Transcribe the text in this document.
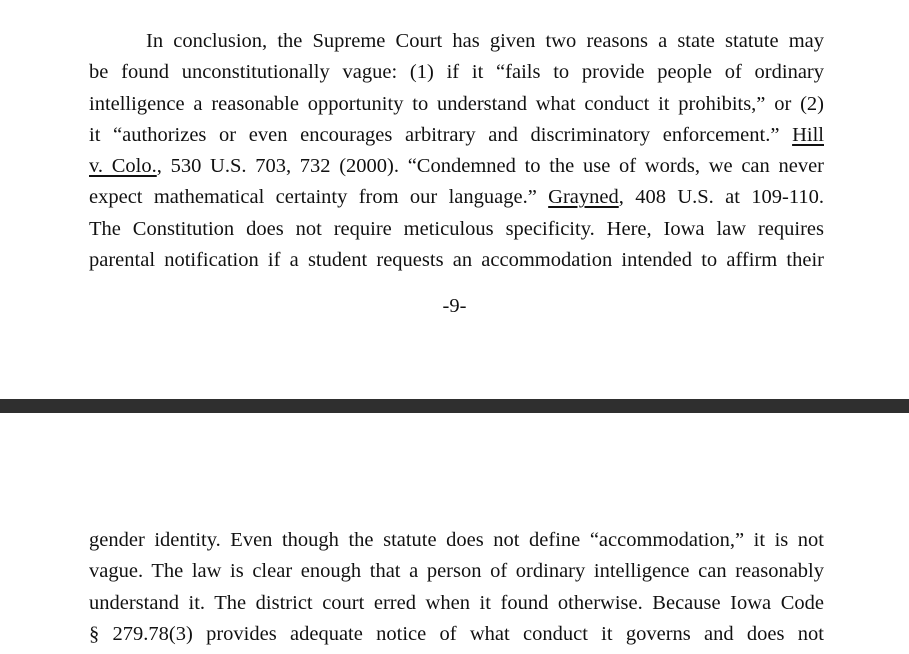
In conclusion, the Supreme Court has given two reasons a state statute may
be found unconstitutionally vague: (1) if it “fails to provide people of ordinary
intelligence a reasonable opportunity to understand what conduct it prohibits,” or (2)
it “authorizes or even encourages arbitrary and discriminatory enforcement.” Hill
v. Colo., 530 U.S. 703, 732 (2000). “Condemned to the use of words, we can never
expect mathematical certainty from our language.” Grayned, 408 U.S. at 109-110.
The Constitution does not require meticulous specificity. Here, Iowa law requires
parental notification if a student requests an accommodation intended to affirm their

-9-

gender identity. Even though the statute does not define “accommodation,” it is not
vague. The law is clear enough that a person of ordinary intelligence can reasonably
understand it. The district court erred when it found otherwise. Because Iowa Code
§ 279.78(3) provides adequate notice of what conduct it governs and does not
